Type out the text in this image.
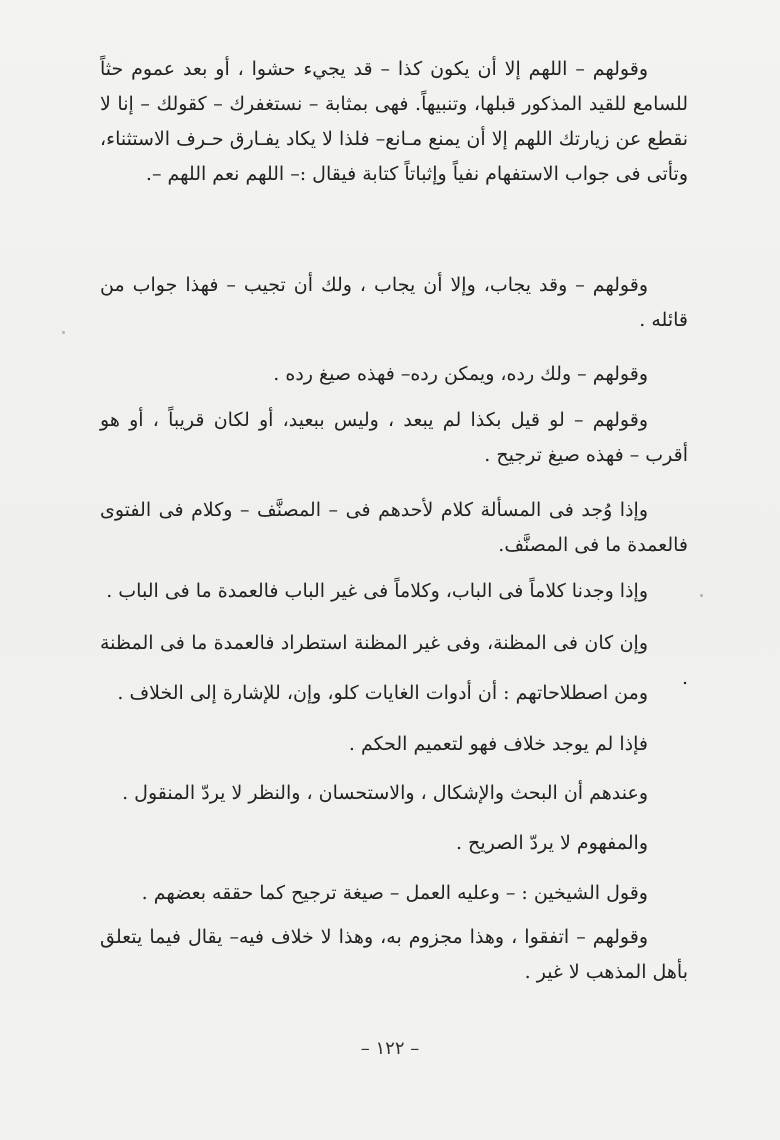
وقولهم – اللهم إلا أن يكون كذا – قد يجيء حشوا ، أو بعد عموم حثاً للسامع للقيد المذكور قبلها، وتنبيهاً. فهى بمثابة – نستغفرك – كقولك – إنا لا نقطع عن زيارتك اللهم إلا أن يمنع مـانع– فلذا لا يكاد يفـارق حـرف الاستثناء، وتأتى فى جواب الاستفهام نفياً وإثباتاً كتابة فيقال :– اللهم نعم اللهم –.

وقولهم – وقد يجاب، وإلا أن يجاب ، ولك أن تجيب – فهذا جواب من قائله .

وقولهم – ولك رده، ويمكن رده– فهذه صيغ رده .

وقولهم – لو قيل بكذا لم يبعد ، وليس ببعيد، أو لكان قريباً ، أو هو أقرب – فهذه صيغ ترجيح .

وإذا وُجد فى المسألة كلام لأحدهم فى – المصنَّف – وكلام فى الفتوى فالعمدة ما فى المصنَّف.

وإذا وجدنا كلاماً فى الباب، وكلاماً فى غير الباب فالعمدة ما فى الباب .

وإن كان فى المظنة، وفى غير المظنة استطراد فالعمدة ما فى المظنة .

ومن اصطلاحاتهم : أن أدوات الغايات كلو، وإن، للإشارة إلى الخلاف .

فإذا لم يوجد خلاف فهو لتعميم الحكم .

وعندهم أن البحث والإشكال ، والاستحسان ، والنظر لا يردّ المنقول .

والمفهوم لا يردّ الصريح .

وقول الشيخين : – وعليه العمل – صيغة ترجيح كما حققه بعضهم .

وقولهم – اتفقوا ، وهذا مجزوم به، وهذا لا خلاف فيه– يقال فيما يتعلق بأهل المذهب لا غير .

– ١٢٢ –
